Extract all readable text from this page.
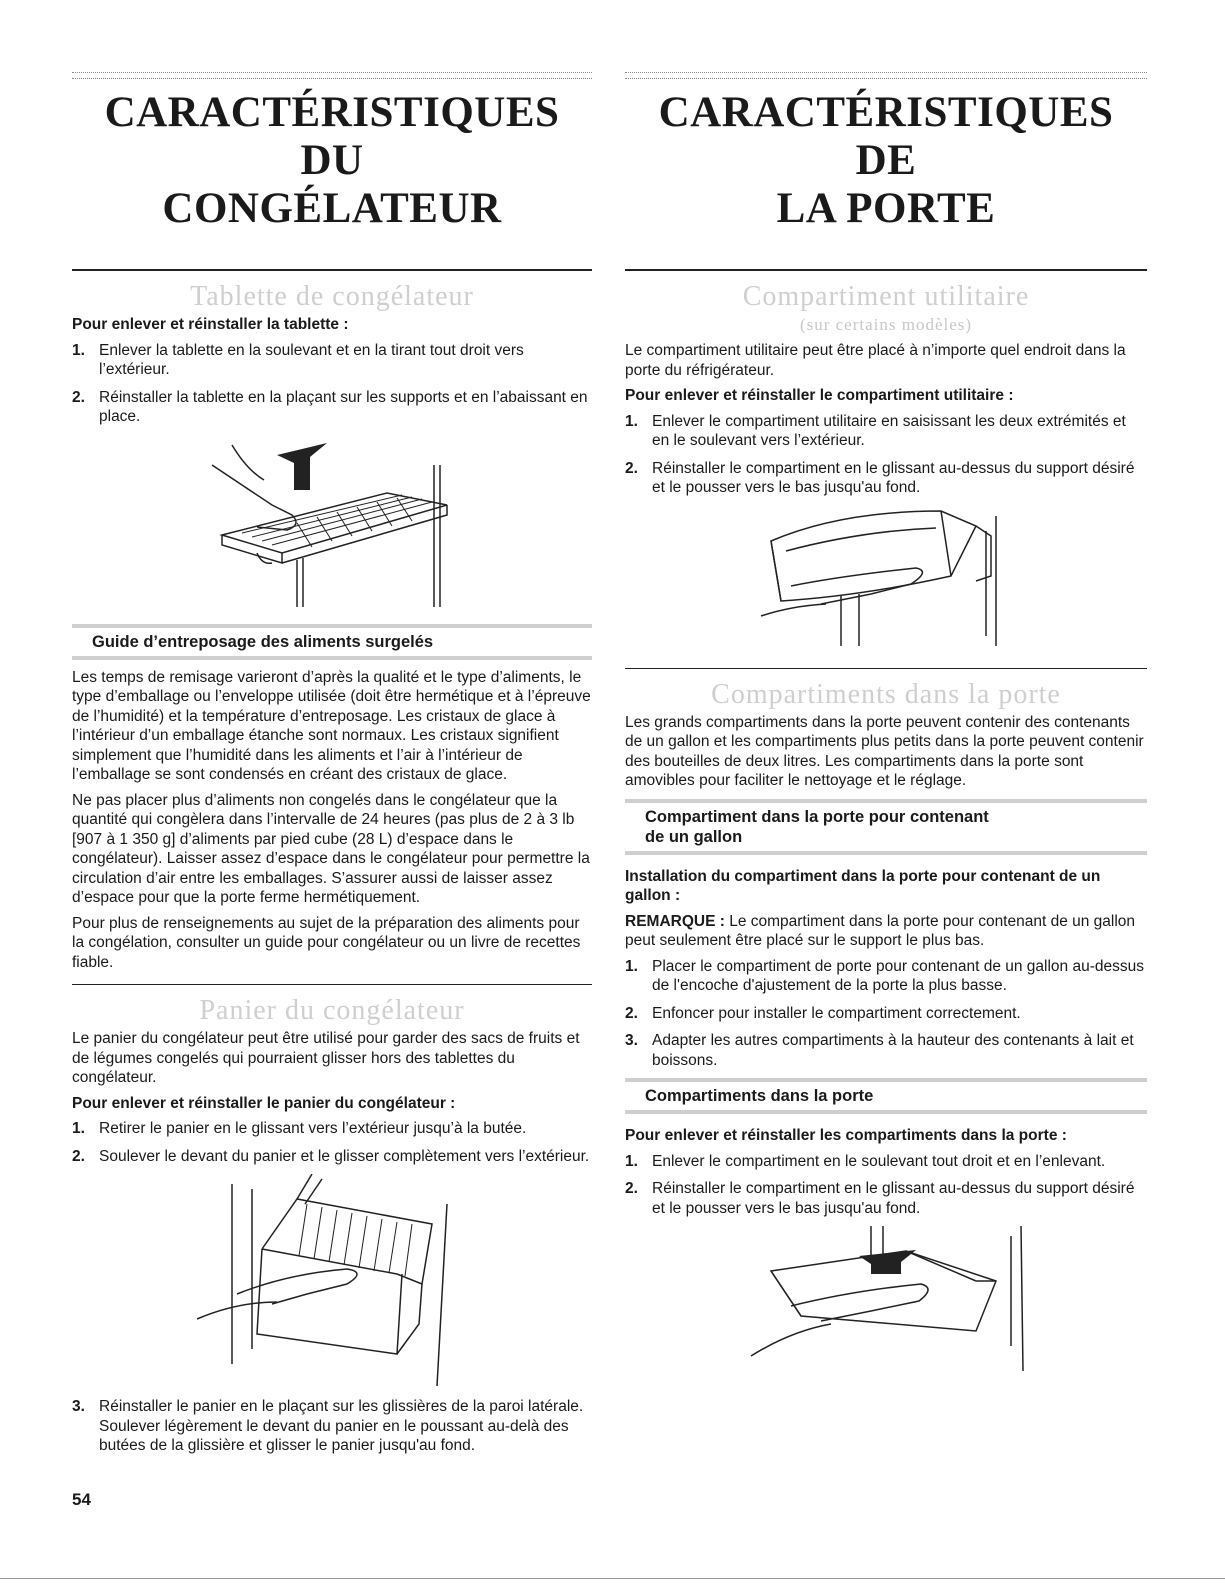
CARACTÉRISTIQUES DU
CONGÉLATEUR
Tablette de congélateur

Pour enlever et réinstaller la tablette :

1. Enlever la tablette en la soulevant et en la tirant tout droit vers l’extérieur.
2. Réinstaller la tablette en la plaçant sur les supports et en l’abaissant en place.
Guide d’entreposage des aliments surgelés

Les temps de remisage varieront d’après la qualité et le type d’aliments, le type d’emballage ou l’enveloppe utilisée (doit être hermétique et à l’épreuve de l’humidité) et la température d’entreposage. Les cristaux de glace à l’intérieur d’un emballage étanche sont normaux. Les cristaux signifient simplement que l’humidité dans les aliments et l’air à l’intérieur de l’emballage se sont condensés en créant des cristaux de glace.

Ne pas placer plus d’aliments non congelés dans le congélateur que la quantité qui congèlera dans l’intervalle de 24 heures (pas plus de 2 à 3 lb [907 à 1 350 g] d’aliments par pied cube (28 L) d’espace dans le congélateur). Laisser assez d’espace dans le congélateur pour permettre la circulation d’air entre les emballages. S’assurer aussi de laisser assez d’espace pour que la porte ferme hermétiquement.

Pour plus de renseignements au sujet de la préparation des aliments pour la congélation, consulter un guide pour congélateur ou un livre de recettes fiable.

Panier du congélateur

Le panier du congélateur peut être utilisé pour garder des sacs de fruits et de légumes congelés qui pourraient glisser hors des tablettes du congélateur.

Pour enlever et réinstaller le panier du congélateur :

1. Retirer le panier en le glissant vers l’extérieur jusqu’à la butée.
2. Soulever le devant du panier et le glisser complètement vers l’extérieur.
3. Réinstaller le panier en le plaçant sur les glissières de la paroi latérale. Soulever légèrement le devant du panier en le poussant au-delà des butées de la glissière et glisser le panier jusqu'au fond.
CARACTÉRISTIQUES DE
LA PORTE
Compartiment utilitaire
(sur certains modèles)

Le compartiment utilitaire peut être placé à n’importe quel endroit dans la porte du réfrigérateur.

Pour enlever et réinstaller le compartiment utilitaire :

1. Enlever le compartiment utilitaire en saisissant les deux extrémités et en le soulevant vers l’extérieur.
2. Réinstaller le compartiment en le glissant au-dessus du support désiré et le pousser vers le bas jusqu'au fond.
Compartiments dans la porte

Les grands compartiments dans la porte peuvent contenir des contenants de un gallon et les compartiments plus petits dans la porte peuvent contenir des bouteilles de deux litres. Les compartiments dans la porte sont amovibles pour faciliter le nettoyage et le réglage.

Compartiment dans la porte pour contenant
de un gallon

Installation du compartiment dans la porte pour contenant de un gallon :

REMARQUE : Le compartiment dans la porte pour contenant de un gallon peut seulement être placé sur le support le plus bas.

1. Placer le compartiment de porte pour contenant de un gallon au-dessus de l'encoche d'ajustement de la porte la plus basse.
2. Enfoncer pour installer le compartiment correctement.
3. Adapter les autres compartiments à la hauteur des contenants à lait et boissons.
Compartiments dans la porte

Pour enlever et réinstaller les compartiments dans la porte :

1. Enlever le compartiment en le soulevant tout droit et en l’enlevant.
2. Réinstaller le compartiment en le glissant au-dessus du support désiré et le pousser vers le bas jusqu'au fond.
54
